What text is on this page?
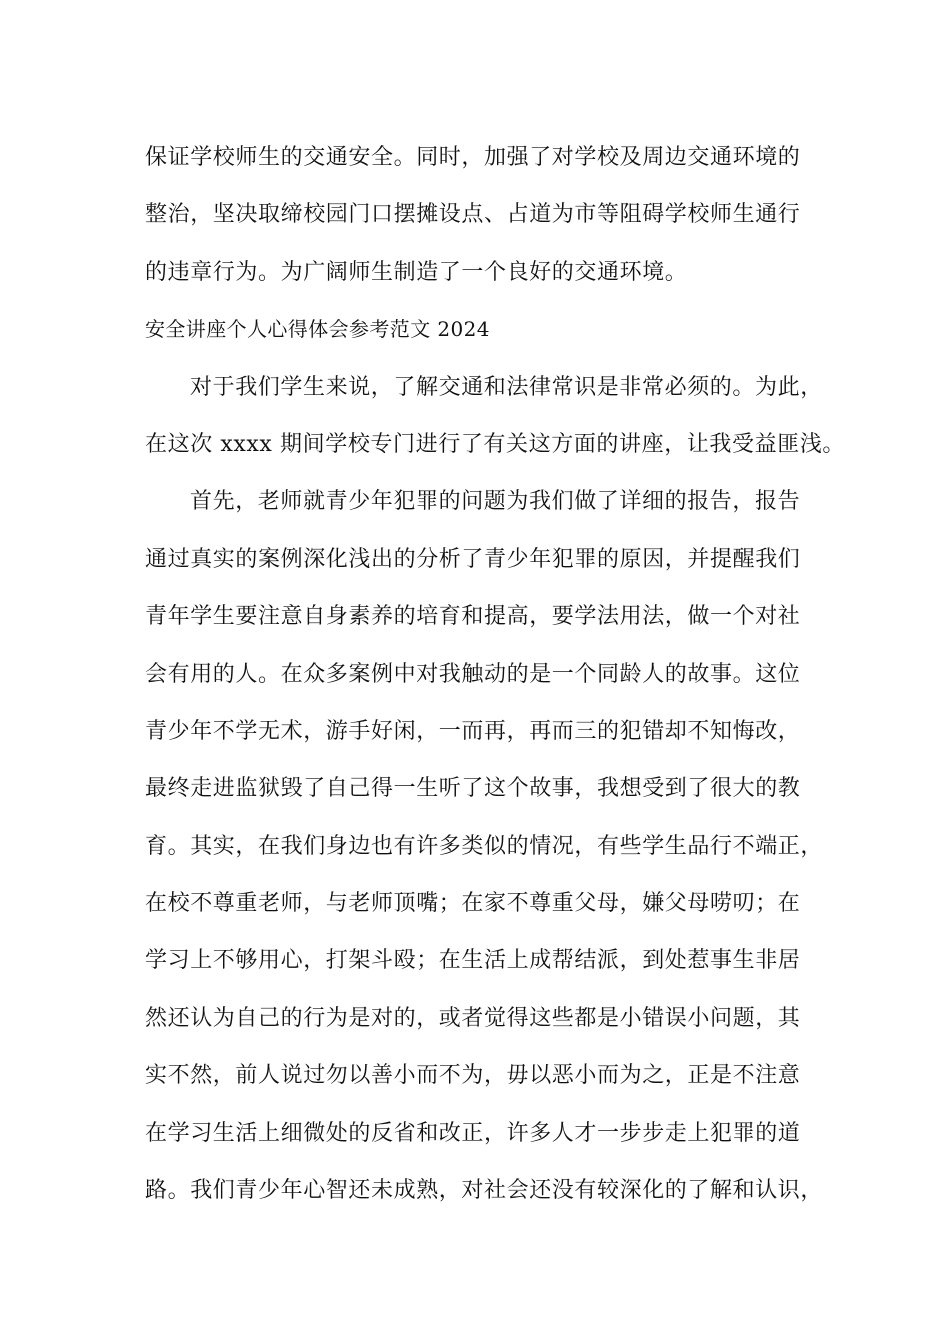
保证学校师生的交通安全。同时，加强了对学校及周边交通环境的
整治，坚决取缔校园门口摆摊设点、占道为市等阻碍学校师生通行
的违章行为。为广阔师生制造了一个良好的交通环境。
安全讲座个人心得体会参考范文 2024
对于我们学生来说，了解交通和法律常识是非常必须的。为此，
在这次 xxxx 期间学校专门进行了有关这方面的讲座，让我受益匪浅。
首先，老师就青少年犯罪的问题为我们做了详细的报告，报告
通过真实的案例深化浅出的分析了青少年犯罪的原因，并提醒我们
青年学生要注意自身素养的培育和提高，要学法用法，做一个对社
会有用的人。在众多案例中对我触动的是一个同龄人的故事。这位
青少年不学无术，游手好闲，一而再，再而三的犯错却不知悔改，
最终走进监狱毁了自己得一生听了这个故事，我想受到了很大的教
育。其实，在我们身边也有许多类似的情况，有些学生品行不端正，
在校不尊重老师，与老师顶嘴；在家不尊重父母，嫌父母唠叨；在
学习上不够用心，打架斗殴；在生活上成帮结派，到处惹事生非居
然还认为自己的行为是对的，或者觉得这些都是小错误小问题，其
实不然，前人说过勿以善小而不为，毋以恶小而为之，正是不注意
在学习生活上细微处的反省和改正，许多人才一步步走上犯罪的道
路。我们青少年心智还未成熟，对社会还没有较深化的了解和认识，
